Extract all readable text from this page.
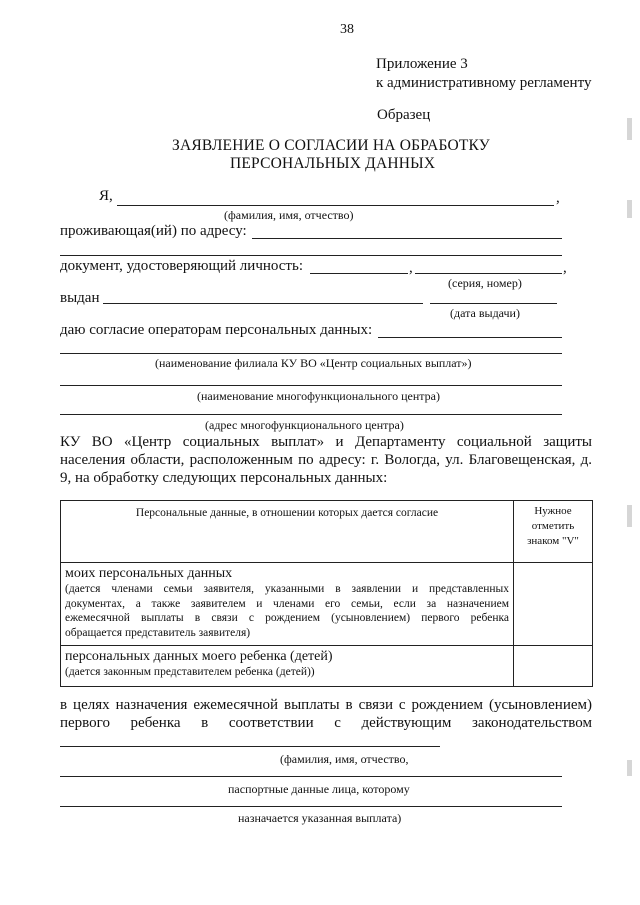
38
Приложение 3
к административному регламенту
Образец
ЗАЯВЛЕНИЕ О СОГЛАСИИ НА ОБРАБОТКУ
ПЕРСОНАЛЬНЫХ ДАННЫХ
Я,	,
(фамилия, имя, отчество)
проживающая(ий) по адресу:
документ, удостоверяющий личность:	,	,
(серия, номер)
выдан
(дата выдачи)
даю согласие операторам персональных данных:
(наименование филиала КУ ВО «Центр социальных выплат»)
(наименование многофункционального центра)
(адрес многофункционального центра)
КУ ВО «Центр социальных выплат» и Департаменту социальной защиты
населения области, расположенным по адресу: г. Вологда, ул. Благовещенская, д.
9, на обработку следующих персональных данных:
Персональные данные, в отношении которых дается согласие	Нужное
отметить
знаком "V"

моих персональных данных
(дается членами семьи заявителя, указанными в заявлении и представленных
документах, а также заявителем и членами его семьи, если за назначением
ежемесячной выплаты в связи с рождением (усыновлением) первого ребенка
обращается представитель заявителя)	

персональных данных моего ребенка (детей)
(дается законным представителем ребенка (детей))	

в целях назначения ежемесячной выплаты в связи с рождением (усыновлением)
первого ребенка в соответствии с действующим законодательством
(фамилия, имя, отчество,
паспортные данные лица, которому
назначается указанная выплата)
